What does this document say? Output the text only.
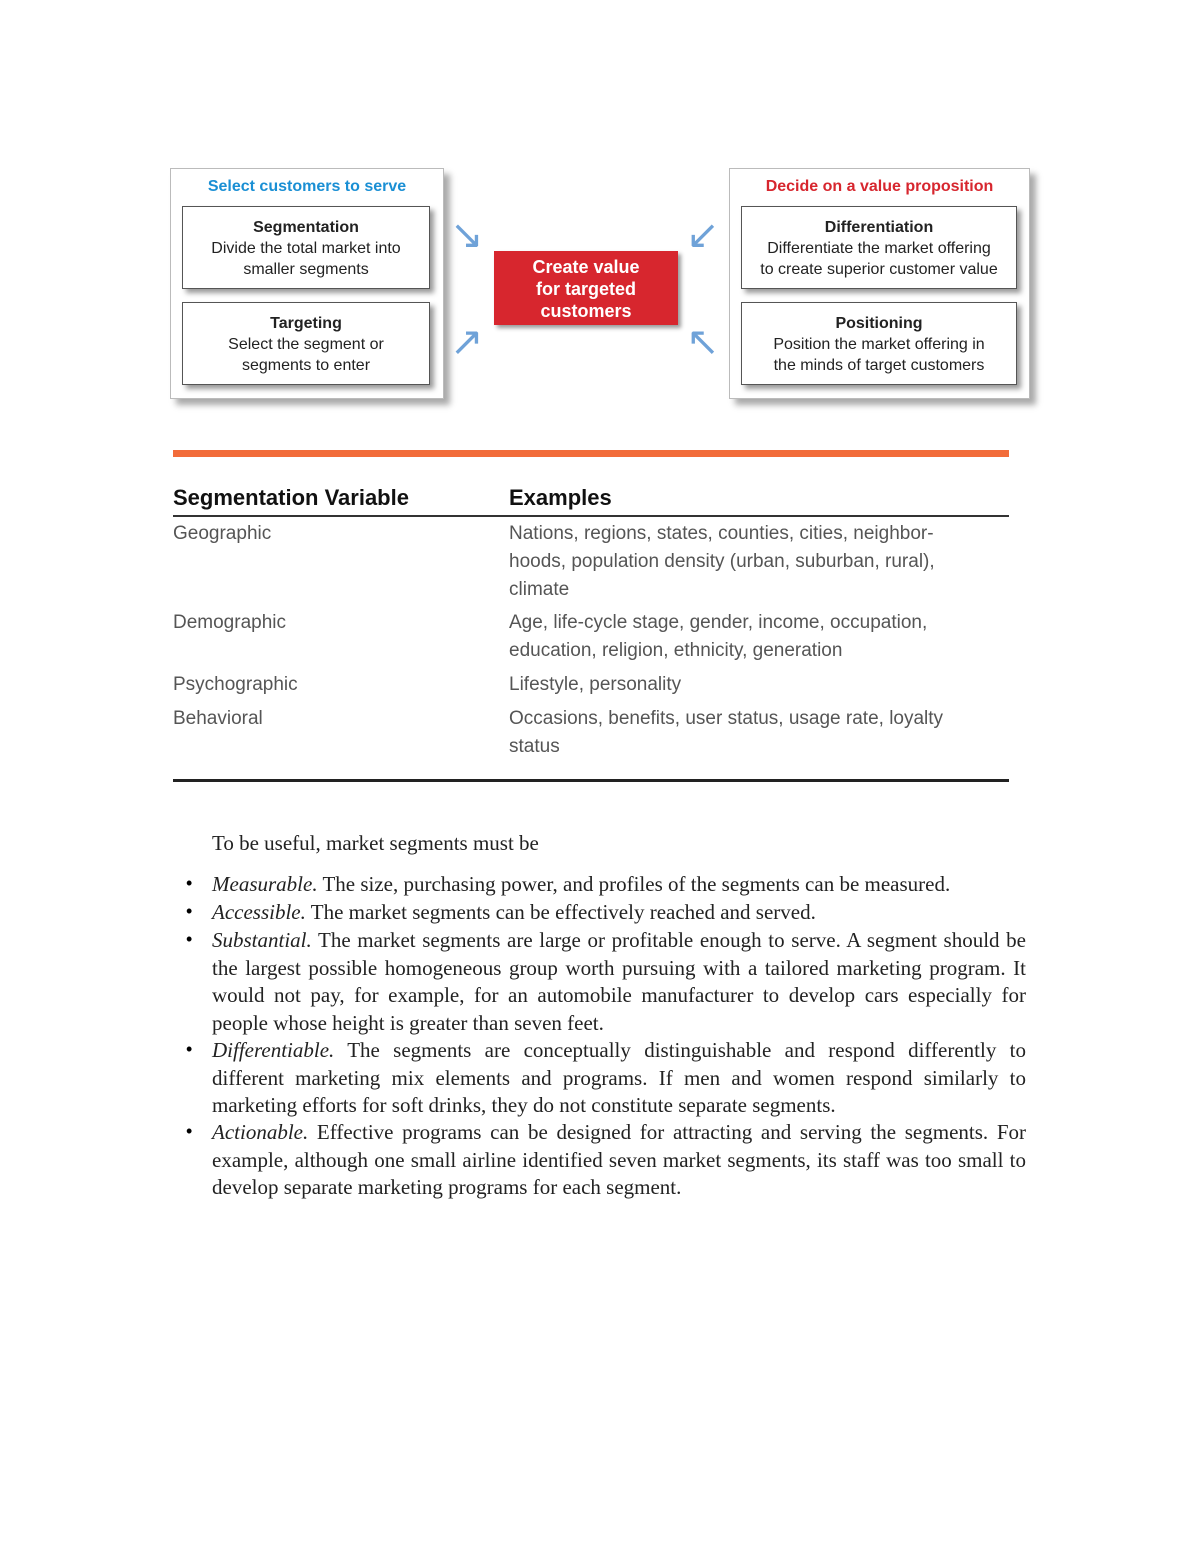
Select customers to serve
Segmentation
Divide the total market into
smaller segments
Targeting
Select the segment or
segments to enter
↘
↗
↙
↖
Create value
for targeted
customers
Decide on a value proposition
Differentiation
Differentiate the market offering
to create superior customer value
Positioning
Position the market offering in
the minds of target customers
Segmentation Variable	Examples
Geographic	Nations, regions, states, counties, cities, neighbor-
hoods, population density (urban, suburban, rural),
climate
Demographic	Age, life-cycle stage, gender, income, occupation,
education, religion, ethnicity, generation
Psychographic	Lifestyle, personality
Behavioral	Occasions, benefits, user status, usage rate, loyalty
status
To be useful, market segments must be
• Measurable. The size, purchasing power, and profiles of the segments can be measured.
• Accessible. The market segments can be effectively reached and served.
• Substantial. The market segments are large or profitable enough to serve. A segment should be the largest possible homogeneous group worth pursuing with a tailored marketing program. It would not pay, for example, for an automobile manufacturer to develop cars especially for people whose height is greater than seven feet.
• Differentiable. The segments are conceptually distinguishable and respond differently to different marketing mix elements and programs. If men and women respond similarly to marketing efforts for soft drinks, they do not constitute separate segments.
• Actionable. Effective programs can be designed for attracting and serving the segments. For example, although one small airline identified seven market segments, its staff was too small to develop separate marketing programs for each segment.
